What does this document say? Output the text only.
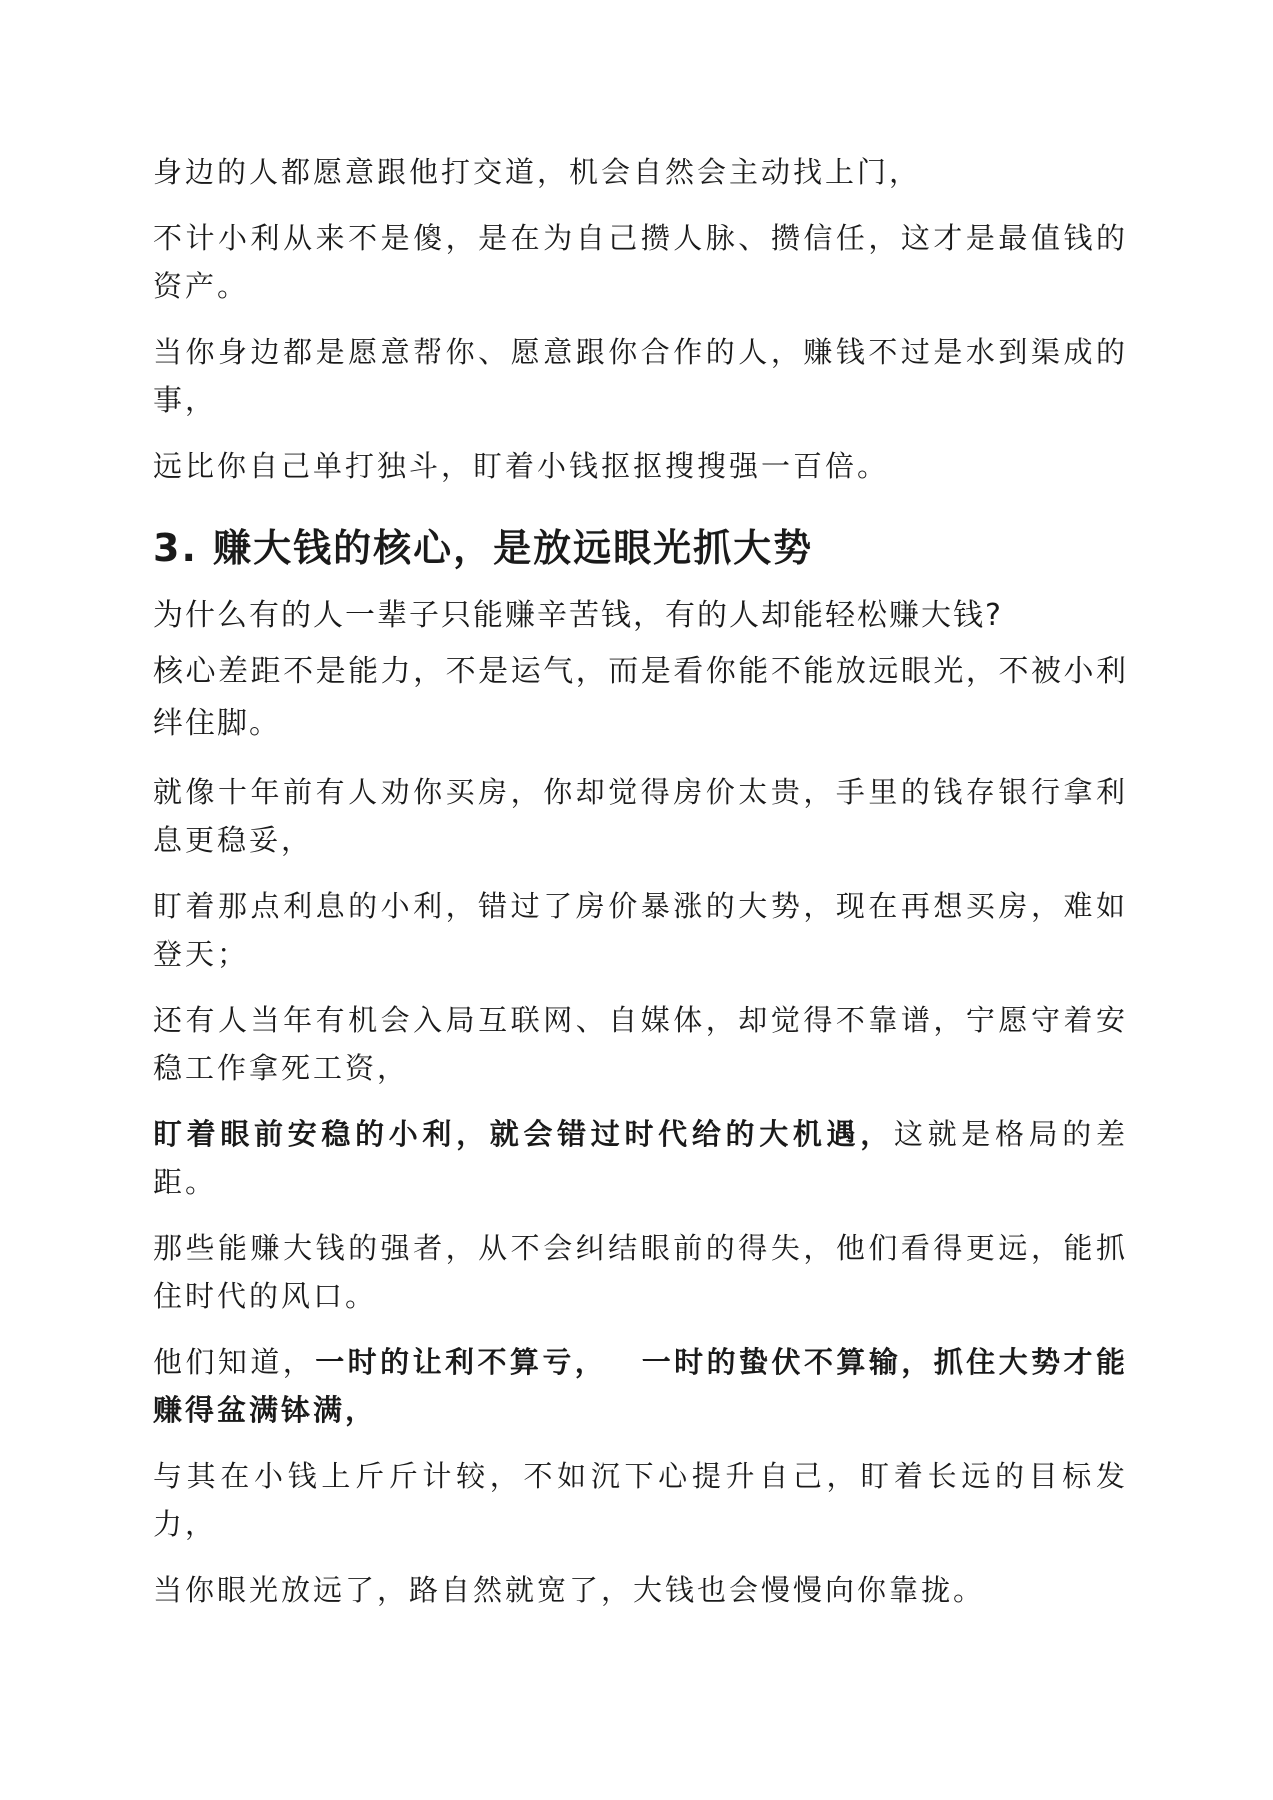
身边的人都愿意跟他打交道，机会自然会主动找上门，

不计小利从来不是傻，是在为自己攒人脉、攒信任，这才是最值钱的资产。

当你身边都是愿意帮你、愿意跟你合作的人，赚钱不过是水到渠成的事，

远比你自己单打独斗，盯着小钱抠抠搜搜强一百倍。

3. 赚大钱的核心，是放远眼光抓大势

为什么有的人一辈子只能赚辛苦钱，有的人却能轻松赚大钱?

核心差距不是能力，不是运气，而是看你能不能放远眼光，不被小利绊住脚。

就像十年前有人劝你买房，你却觉得房价太贵，手里的钱存银行拿利息更稳妥，

盯着那点利息的小利，错过了房价暴涨的大势，现在再想买房，难如登天；

还有人当年有机会入局互联网、自媒体，却觉得不靠谱，宁愿守着安稳工作拿死工资，

盯着眼前安稳的小利，就会错过时代给的大机遇，这就是格局的差距。

那些能赚大钱的强者，从不会纠结眼前的得失，他们看得更远，能抓住时代的风口。

他们知道，一时的让利不算亏， 一时的蛰伏不算输，抓住大势才能赚得盆满钵满，

与其在小钱上斤斤计较，不如沉下心提升自己，盯着长远的目标发力，

当你眼光放远了，路自然就宽了，大钱也会慢慢向你靠拢。
